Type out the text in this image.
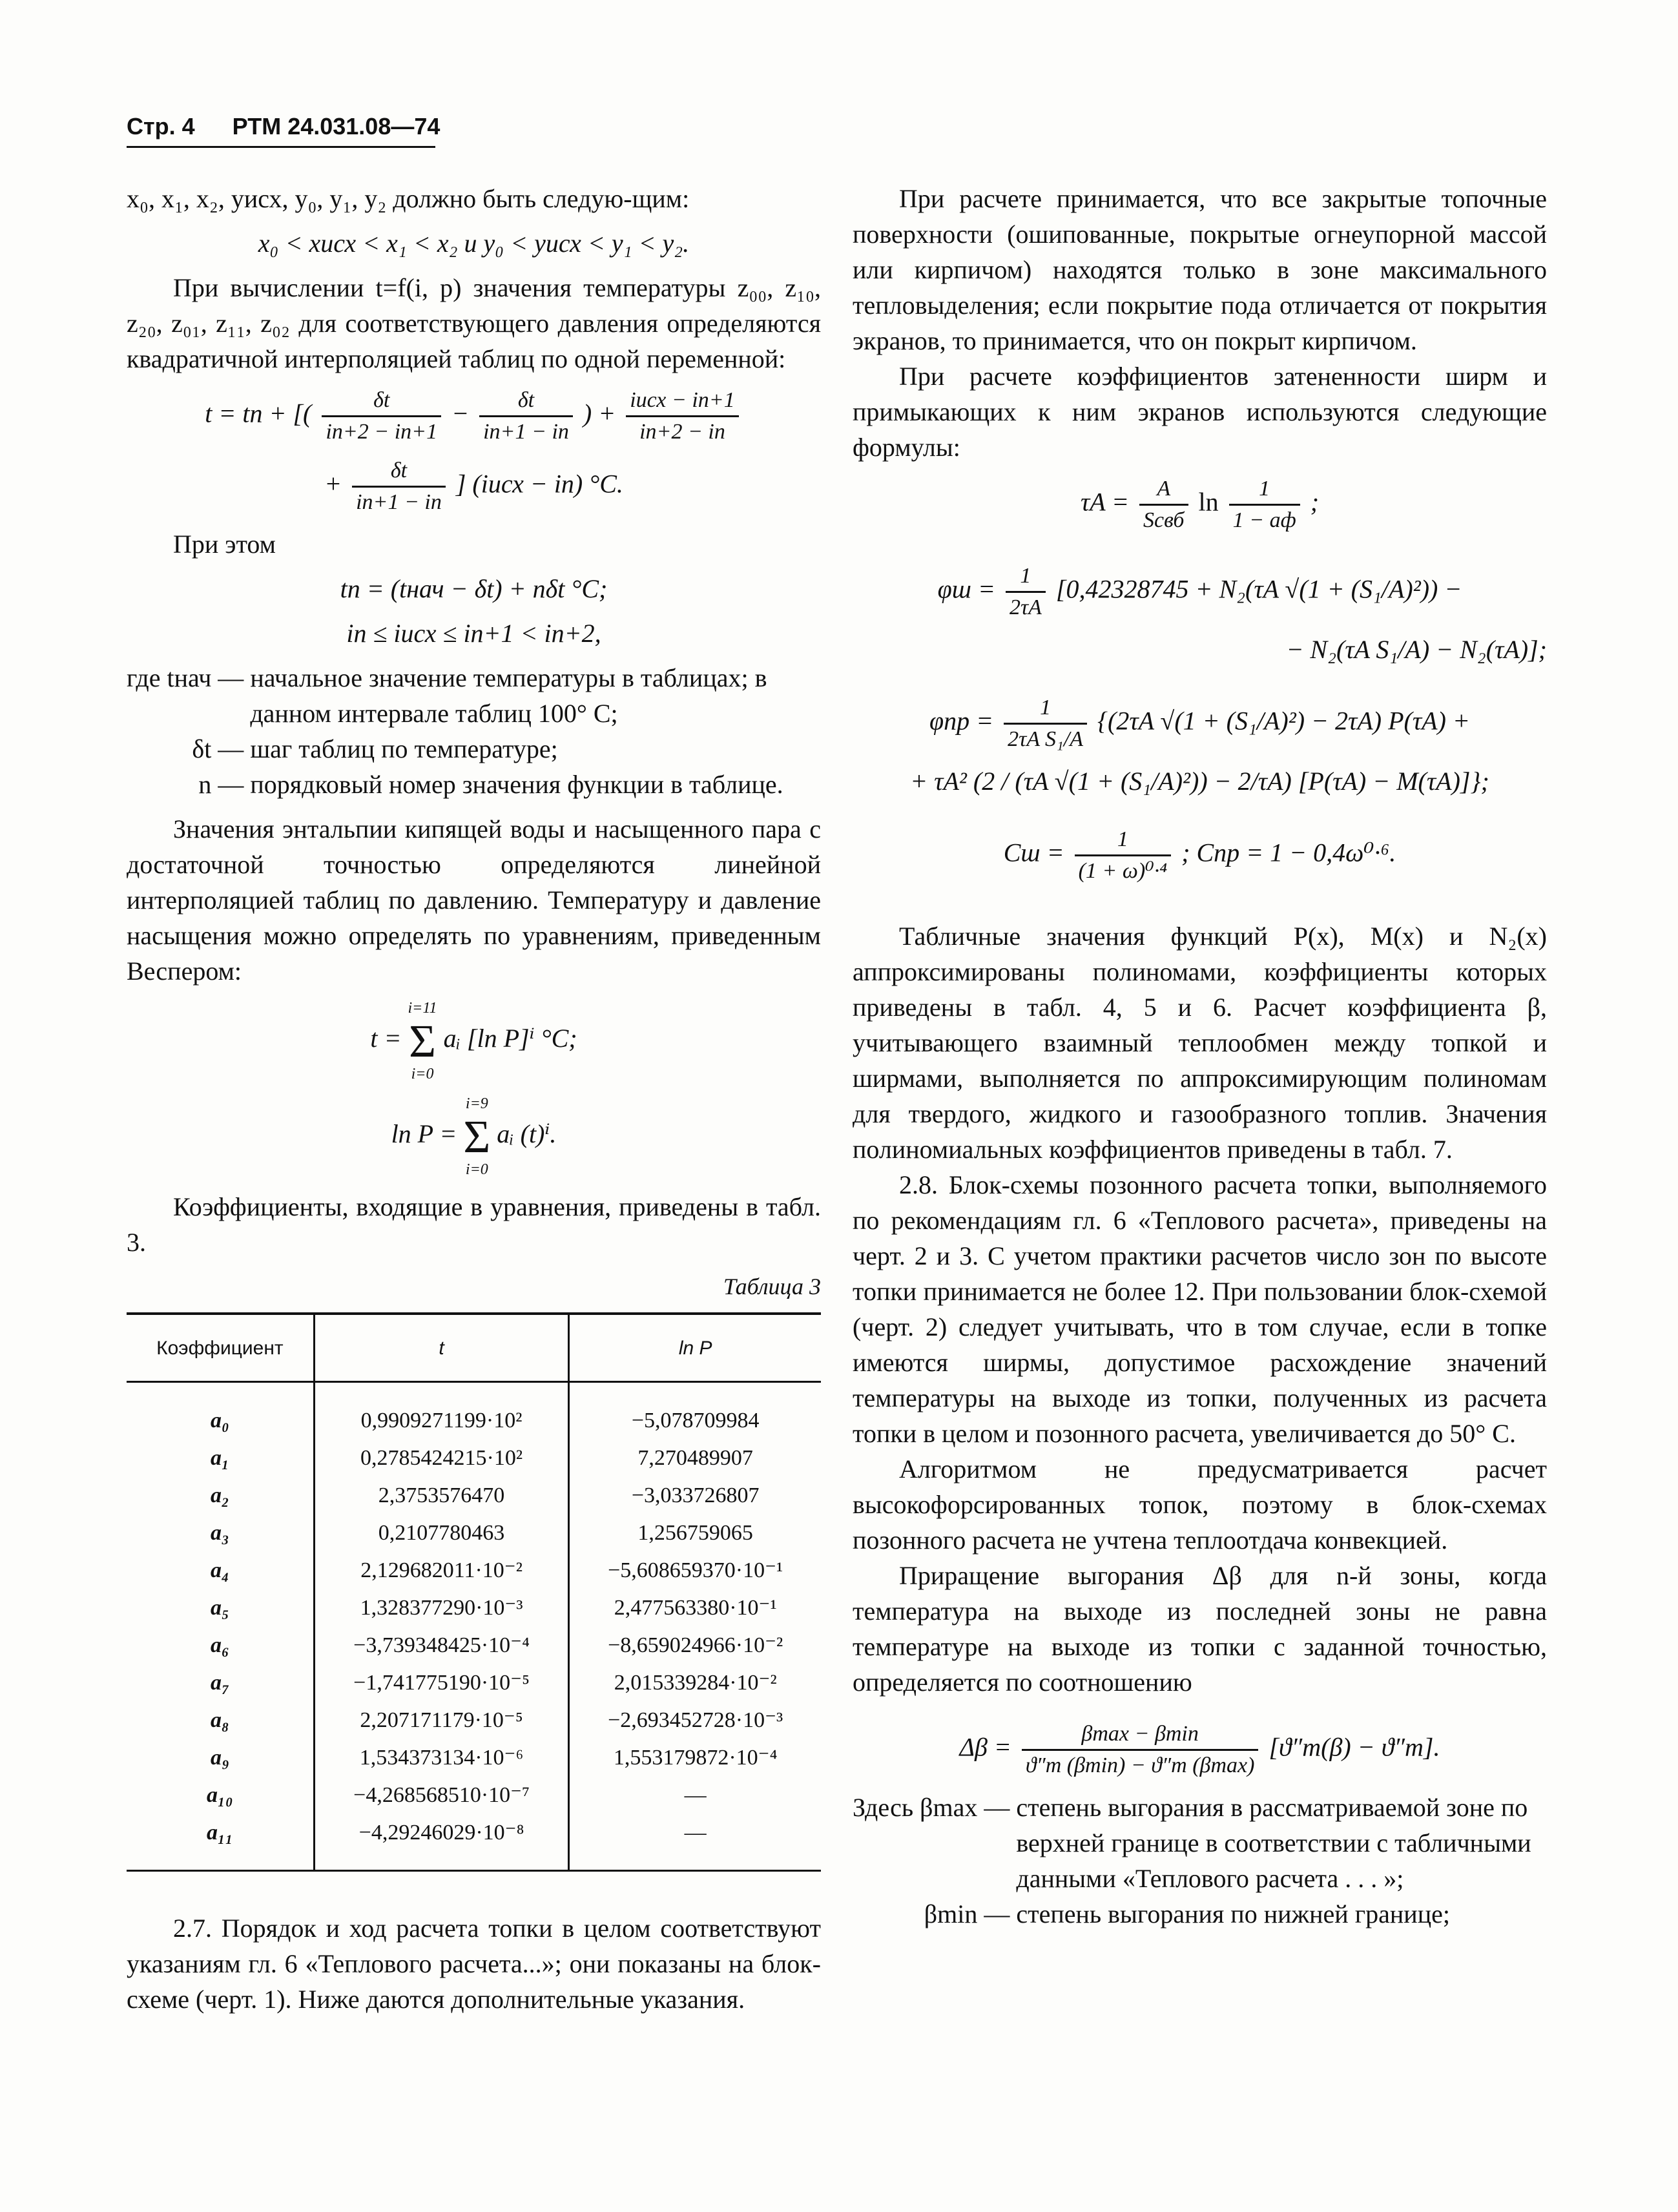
Стр. 4 РТМ 24.031.08—74

x₀, x₁, x₂, yисх, y₀, y₁, y₂ должно быть следую-щим:

x₀ < xисх < x₁ < x₂ и y₀ < yисх < y₁ < y₂.

При вычислении t=f(i, p) значения температуры z₀₀, z₁₀, z₂₀, z₀₁, z₁₁, z₀₂ для соответствующего давления определяются квадратичной интерполяцией таблиц по одной переменной:

t = tn + [( $\frac{\delta t}{in+2 - in+1} - \frac{\delta t}{in+1 - in}$ ) + $\frac{\text{iисх − in+1}}{in+2 - in}$
+ $\frac{\delta t}{in+1 - in}$ ] (iисх − in) °C.

При этом

tn = (tнач − δt) + nδt °C;
in ≤ iисх ≤ in+1 < in+2,
где tнач — начальное значение температуры в таблицах; в данном интервале таблиц 100° C;
δt — шаг таблиц по температуре;
n — порядковый номер значения функции в таблице.

Значения энтальпии кипящей воды и насыщенного пара с достаточной точностью определяются линейной интерполяцией таблиц по давлению. Температуру и давление насыщения можно определять по уравнениям, приведенным Веспером:

t =
i=11
Σ
i=0
aᵢ [ln P]ⁱ °C;
ln P =
i=9
Σ
i=0
aᵢ (t)ⁱ.

Коэффициенты, входящие в уравнения, приведены в табл. 3.

Таблица 3
Коэффициент	t	ln P
a₀	0,9909271199·10²	−5,078709984
a₁	0,2785424215·10²	7,270489907
a₂	2,3753576470	−3,033726807
a₃	0,2107780463	1,256759065
a₄	2,129682011·10⁻²	−5,608659370·10⁻¹
a₅	1,328377290·10⁻³	2,477563380·10⁻¹
a₆	−3,739348425·10⁻⁴	−8,659024966·10⁻²
a₇	−1,741775190·10⁻⁵	2,015339284·10⁻²
a₈	2,207171179·10⁻⁵	−2,693452728·10⁻³
a₉	1,534373134·10⁻⁶	1,553179872·10⁻⁴
a₁₀	−4,268568510·10⁻⁷	—
a₁₁	−4,29246029·10⁻⁸	—

2.7. Порядок и ход расчета топки в целом соответствуют указаниям гл. 6 «Теплового расчета...»; они показаны на блок-схеме (черт. 1). Ниже даются дополнительные указания.

При расчете принимается, что все закрытые топочные поверхности (ошипованные, покрытые огнеупорной массой или кирпичом) находятся только в зоне максимального тепловыделения; если покрытие пода отличается от покрытия экранов, то принимается, что он покрыт кирпичом.

При расчете коэффициентов затененности ширм и примыкающих к ним экранов используются следующие формулы:

$\tau A = \frac{A}{\text{Sсвб}}$ $\ln \frac{1}{1 - aф}$ ;
$\varphi ш = \frac{1}{2\tau A} [0,42328745 + N_2(\tau A$ √(1 + (S₁/A)²)) −
− N₂(τA S₁/A) − N₂(τA)];
$\varphi пр = \frac{1}{\text{2τA S₁/A}} \{(2\tau A$ √(1 + (S₁/A)²) − 2τA) P(τA) +
+ τA² (2 / (τA √(1 + (S₁/A)²)) − 2/τA) [P(τA) − M(τA)]};
Cш = $\frac{1}{\text{(1 + ω)⁰·⁴}}$ ; Cпр = 1 − 0,4ω⁰·⁶.

Табличные значения функций P(x), M(x) и N₂(x) аппроксимированы полиномами, коэффициенты которых приведены в табл. 4, 5 и 6. Расчет коэффициента β, учитывающего взаимный теплообмен между топкой и ширмами, выполняется по аппроксимирующим полиномам для твердого, жидкого и газообразного топлив. Значения полиномиальных коэффициентов приведены в табл. 7.

2.8. Блок-схемы позонного расчета топки, выполняемого по рекомендациям гл. 6 «Теплового расчета», приведены на черт. 2 и 3. С учетом практики расчетов число зон по высоте топки принимается не более 12. При пользовании блок-схемой (черт. 2) следует учитывать, что в том случае, если в топке имеются ширмы, допустимое расхождение значений температуры на выходе из топки, полученных из расчета топки в целом и позонного расчета, увеличивается до 50° С.

Алгоритмом не предусматривается расчет высокофорсированных топок, поэтому в блок-схемах позонного расчета не учтена теплоотдача конвекцией.

Приращение выгорания Δβ для n-й зоны, когда температура на выходе из последней зоны не равна температуре на выходе из топки с заданной точностью, определяется по соотношению

$\Delta\beta = \frac{\beta\max - \beta\min}{ϑ''т (\beta\min) - ϑ''т (\beta\max)} [ϑ''т(\beta) - ϑ''т]$.
Здесь βmax — степень выгорания в рассматриваемой зоне по верхней границе в соответствии с табличными данными «Теплового расчета . . . »;
βmin — степень выгорания по нижней границе;
